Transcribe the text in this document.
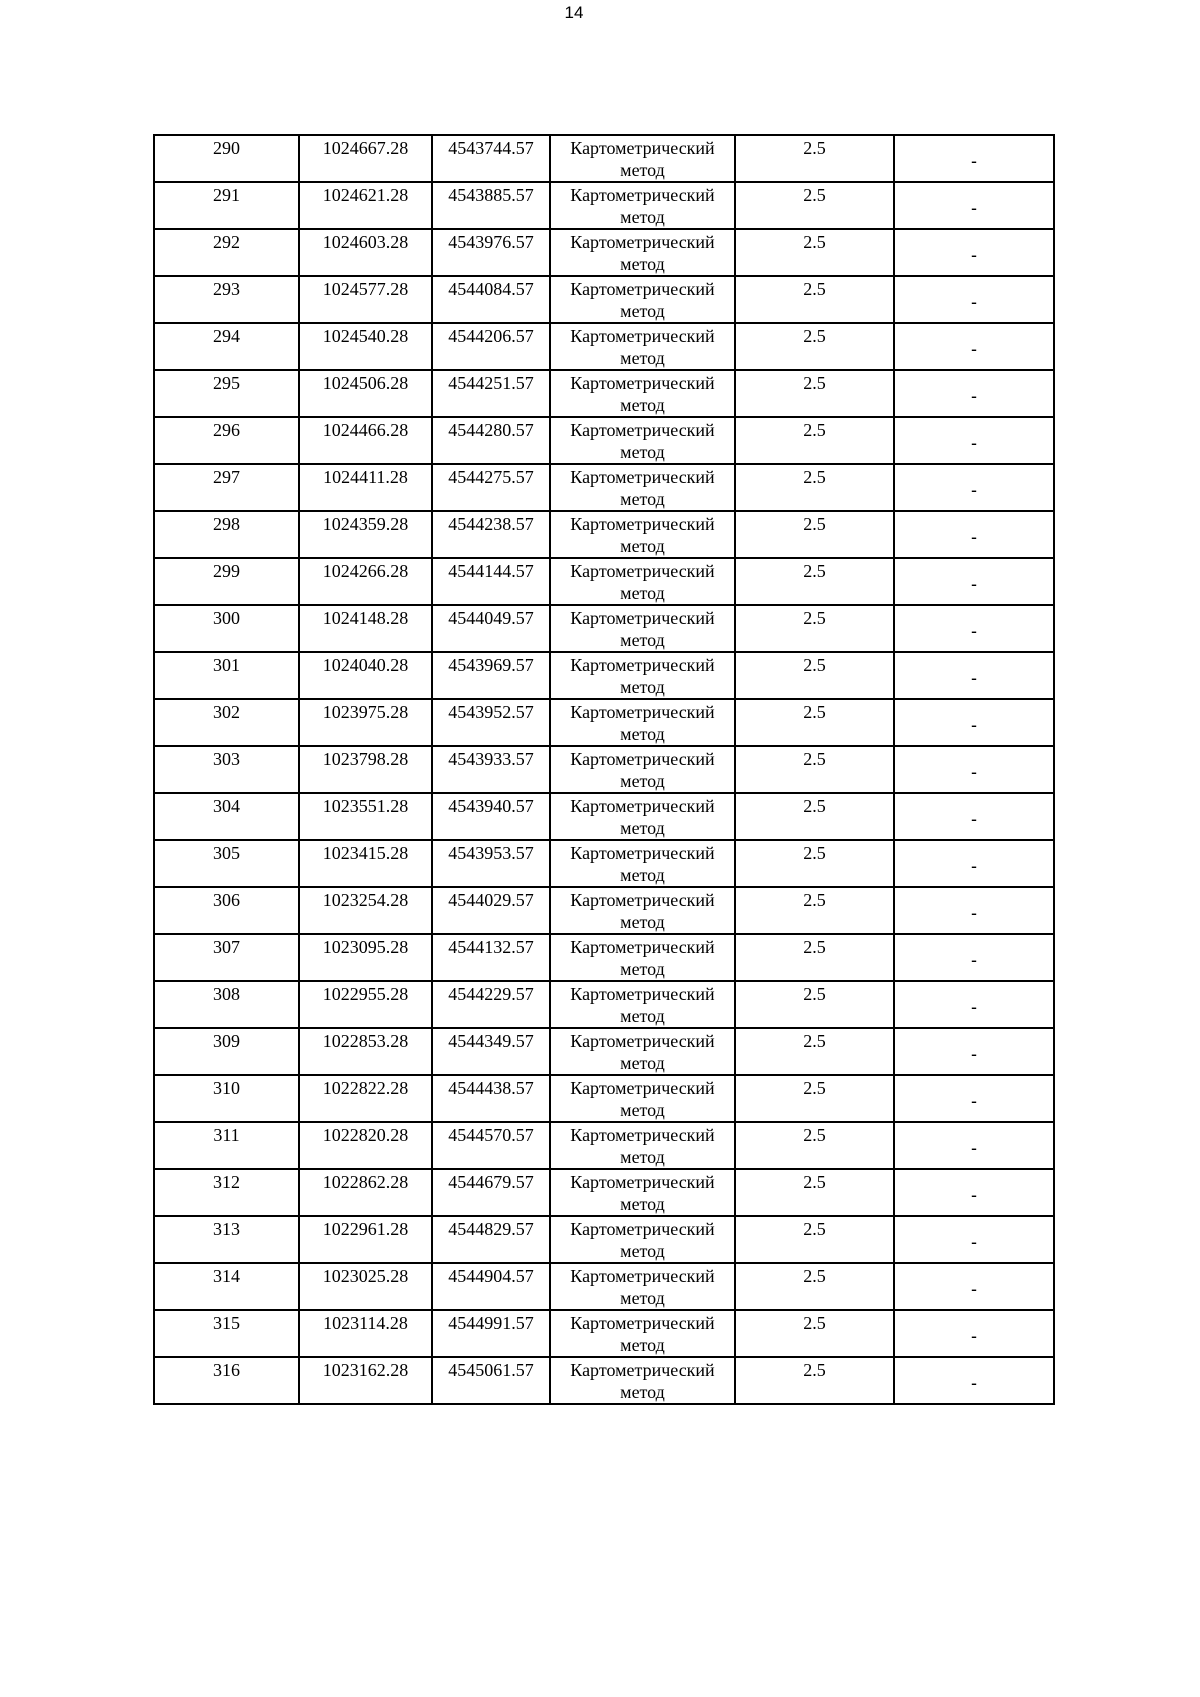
14
290	1024667.28	4543744.57	Картометрический
метод	2.5	-

291	1024621.28	4543885.57	Картометрический
метод	2.5	-

292	1024603.28	4543976.57	Картометрический
метод	2.5	-

293	1024577.28	4544084.57	Картометрический
метод	2.5	-

294	1024540.28	4544206.57	Картометрический
метод	2.5	-

295	1024506.28	4544251.57	Картометрический
метод	2.5	-

296	1024466.28	4544280.57	Картометрический
метод	2.5	-

297	1024411.28	4544275.57	Картометрический
метод	2.5	-

298	1024359.28	4544238.57	Картометрический
метод	2.5	-

299	1024266.28	4544144.57	Картометрический
метод	2.5	-

300	1024148.28	4544049.57	Картометрический
метод	2.5	-

301	1024040.28	4543969.57	Картометрический
метод	2.5	-

302	1023975.28	4543952.57	Картометрический
метод	2.5	-

303	1023798.28	4543933.57	Картометрический
метод	2.5	-

304	1023551.28	4543940.57	Картометрический
метод	2.5	-

305	1023415.28	4543953.57	Картометрический
метод	2.5	-

306	1023254.28	4544029.57	Картометрический
метод	2.5	-

307	1023095.28	4544132.57	Картометрический
метод	2.5	-

308	1022955.28	4544229.57	Картометрический
метод	2.5	-

309	1022853.28	4544349.57	Картометрический
метод	2.5	-

310	1022822.28	4544438.57	Картометрический
метод	2.5	-

311	1022820.28	4544570.57	Картометрический
метод	2.5	-

312	1022862.28	4544679.57	Картометрический
метод	2.5	-

313	1022961.28	4544829.57	Картометрический
метод	2.5	-

314	1023025.28	4544904.57	Картометрический
метод	2.5	-

315	1023114.28	4544991.57	Картометрический
метод	2.5	-

316	1023162.28	4545061.57	Картометрический
метод	2.5	-
